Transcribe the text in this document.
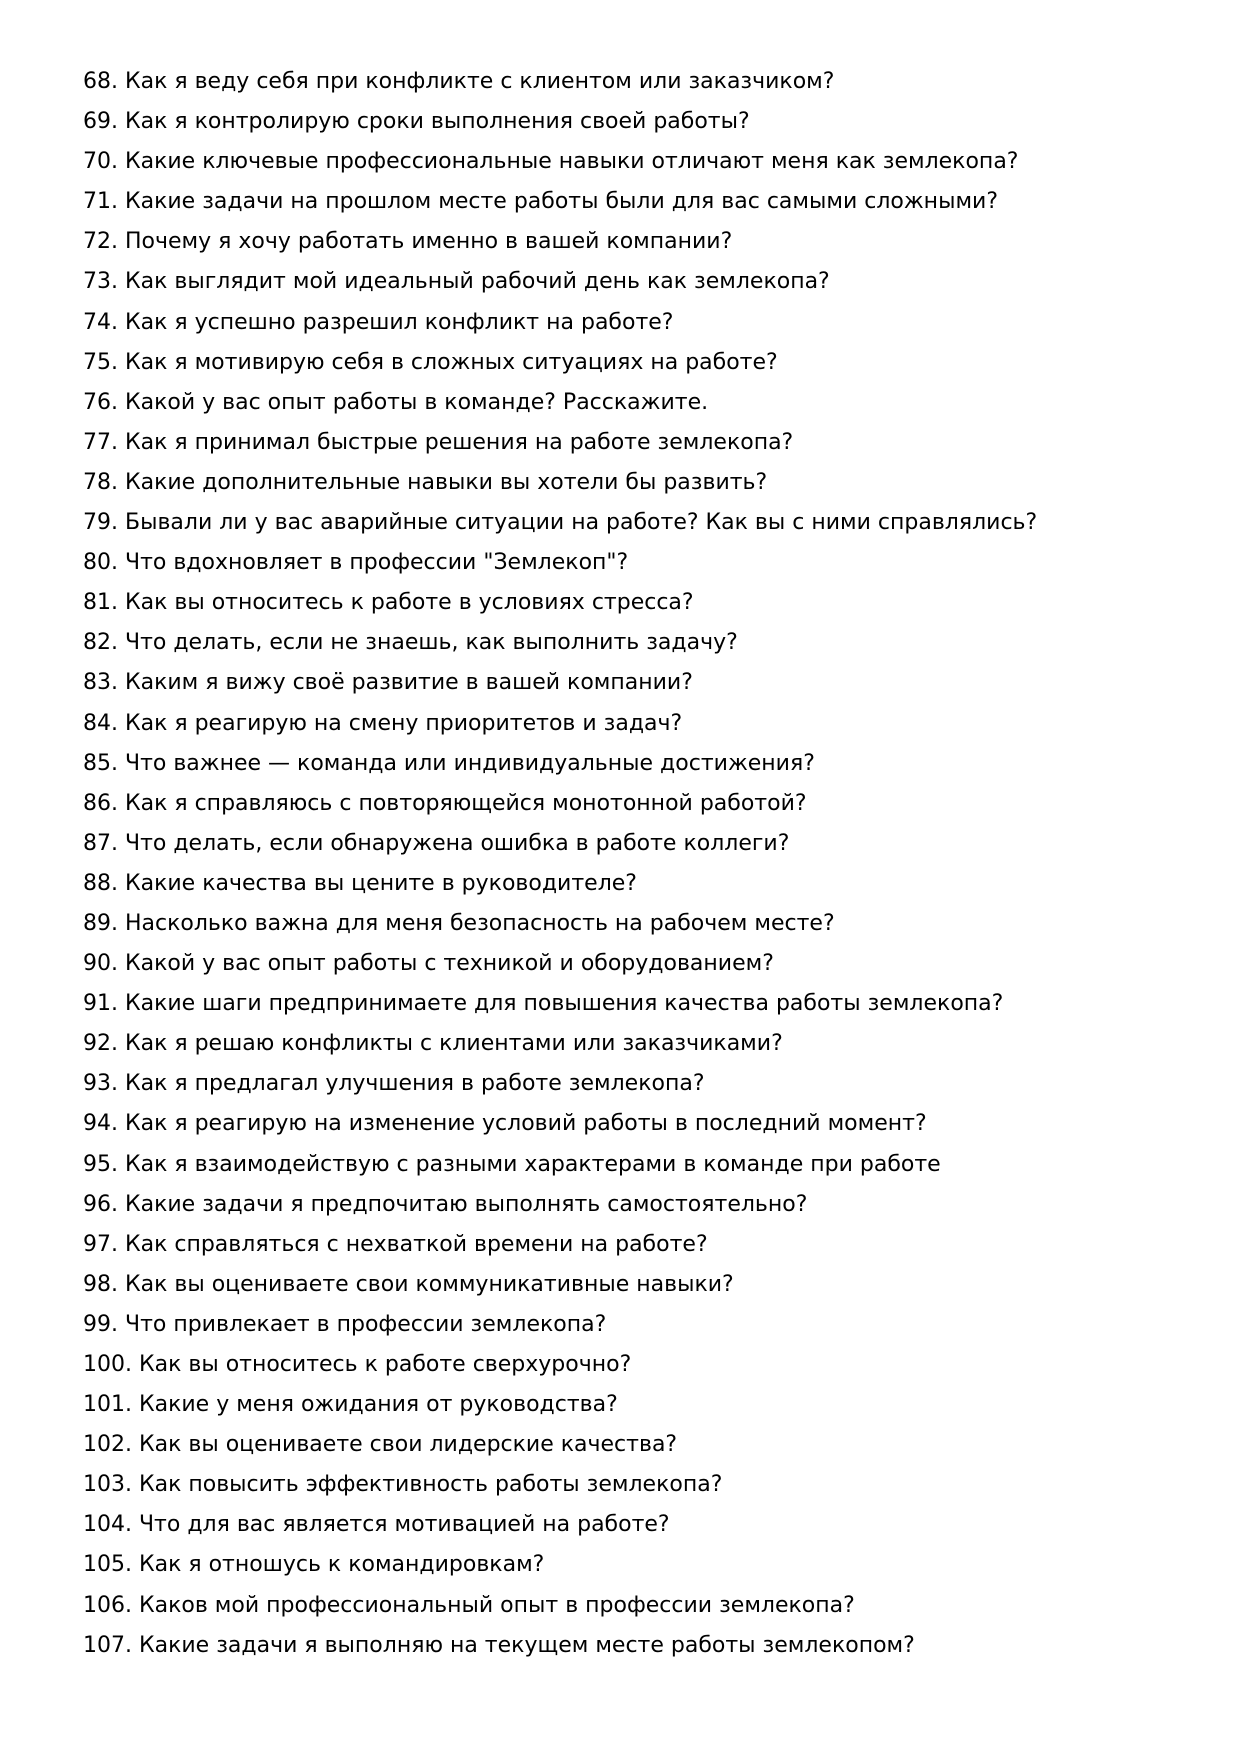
68. Как я веду себя при конфликте с клиентом или заказчиком?
69. Как я контролирую сроки выполнения своей работы?
70. Какие ключевые профессиональные навыки отличают меня как землекопа?
71. Какие задачи на прошлом месте работы были для вас самыми сложными?
72. Почему я хочу работать именно в вашей компании?
73. Как выглядит мой идеальный рабочий день как землекопа?
74. Как я успешно разрешил конфликт на работе?
75. Как я мотивирую себя в сложных ситуациях на работе?
76. Какой у вас опыт работы в команде? Расскажите.
77. Как я принимал быстрые решения на работе землекопа?
78. Какие дополнительные навыки вы хотели бы развить?
79. Бывали ли у вас аварийные ситуации на работе? Как вы с ними справлялись?
80. Что вдохновляет в профессии "Землекоп"?
81. Как вы относитесь к работе в условиях стресса?
82. Что делать, если не знаешь, как выполнить задачу?
83. Каким я вижу своё развитие в вашей компании?
84. Как я реагирую на смену приоритетов и задач?
85. Что важнее — команда или индивидуальные достижения?
86. Как я справляюсь с повторяющейся монотонной работой?
87. Что делать, если обнаружена ошибка в работе коллеги?
88. Какие качества вы цените в руководителе?
89. Насколько важна для меня безопасность на рабочем месте?
90. Какой у вас опыт работы с техникой и оборудованием?
91. Какие шаги предпринимаете для повышения качества работы землекопа?
92. Как я решаю конфликты с клиентами или заказчиками?
93. Как я предлагал улучшения в работе землекопа?
94. Как я реагирую на изменение условий работы в последний момент?
95. Как я взаимодействую с разными характерами в команде при работе
96. Какие задачи я предпочитаю выполнять самостоятельно?
97. Как справляться с нехваткой времени на работе?
98. Как вы оцениваете свои коммуникативные навыки?
99. Что привлекает в профессии землекопа?
100. Как вы относитесь к работе сверхурочно?
101. Какие у меня ожидания от руководства?
102. Как вы оцениваете свои лидерские качества?
103. Как повысить эффективность работы землекопа?
104. Что для вас является мотивацией на работе?
105. Как я отношусь к командировкам?
106. Каков мой профессиональный опыт в профессии землекопа?
107. Какие задачи я выполняю на текущем месте работы землекопом?
